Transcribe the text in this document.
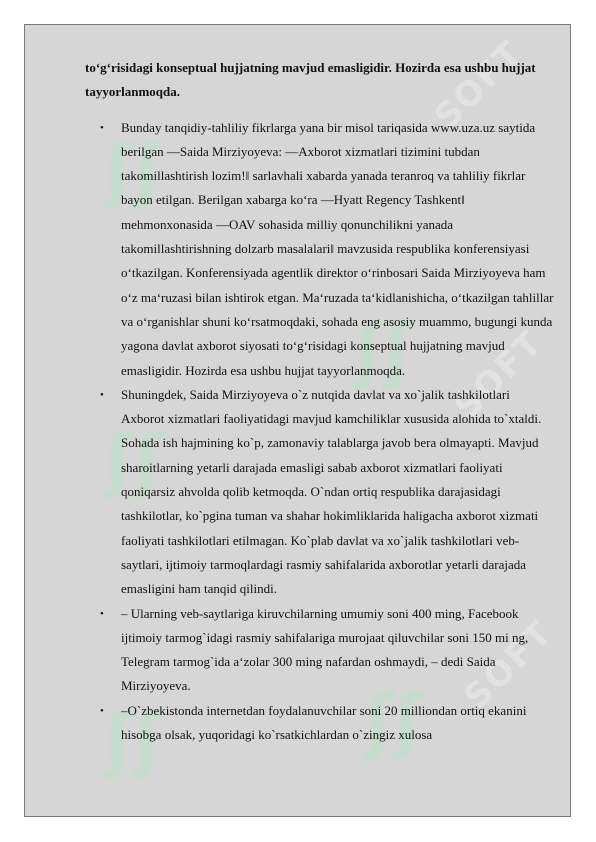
ʃʃ
SOFT
ʃʃ
ʃʃ SOFT
ʃʃ	ʃʃ
SOFT

to‘g‘risidagi konseptual hujjatning mavjud emasligidir. Hozirda esa ushbu hujjat tayyorlanmoqda.

• Bunday tanqidiy-tahliliy fikrlarga yana bir misol tariqasida www.uza.uz saytida berilgan ―Saida Mirziyoyeva: ―Axborot xizmatlari tizimini tubdan takomillashtirish lozim!‖ sarlavhali xabarda yanada teranroq va tahliliy fikrlar bayon etilgan. Berilgan xabarga ko‘ra ―Hyatt Regency Tashkent‖ mehmonxonasida ―OAV sohasida milliy qonunchilikni yanada takomillashtirishning dolzarb masalalari‖ mavzusida respublika konferensiyasi o‘tkazilgan. Konferensiyada agentlik direktor o‘rinbosari Saida Mirziyoyeva ham o‘z ma‘ruzasi bilan ishtirok etgan. Ma‘ruzada ta‘kidlanishicha, o‘tkazilgan tahlillar va o‘rganishlar shuni ko‘rsatmoqdaki, sohada eng asosiy muammo, bugungi kunda yagona davlat axborot siyosati to‘g‘risidagi konseptual hujjatning mavjud emasligidir. Hozirda esa ushbu hujjat tayyorlanmoqda.
• Shuningdek, Saida Mirziyoyeva o`z nutqida davlat va xo`jalik tashkilotlari Axborot xizmatlari faoliyatidagi mavjud kamchiliklar xususida alohida to`xtaldi. Sohada ish hajmining ko`p, zamonaviy talablarga javob bera olmayapti. Mavjud sharoitlarning yetarli darajada emasligi sabab axborot xizmatlari faoliyati qoniqarsiz ahvolda qolib ketmoqda. O`ndan ortiq respublika darajasidagi tashkilotlar, ko`pgina tuman va shahar hokimliklarida haligacha axborot xizmati faoliyati tashkilotlari etilmagan. Ko`plab davlat va xo`jalik tashkilotlari veb-saytlari, ijtimoiy tarmoqlardagi rasmiy sahifalarida axborotlar yetarli darajada emasligini ham tanqid qilindi.
• – Ularning veb-saytlariga kiruvchilarning umumiy soni 400 ming, Facebook ijtimoiy tarmog`idagi rasmiy sahifalariga murojaat qiluvchilar soni 150 mi ng, Telegram tarmog`ida a‘zolar 300 ming nafardan oshmaydi, – dedi Saida Mirziyoyeva.
• –O`zbekistonda internetdan foydalanuvchilar soni 20 milliondan ortiq ekanini hisobga olsak, yuqoridagi ko`rsatkichlardan o`zingiz xulosa
